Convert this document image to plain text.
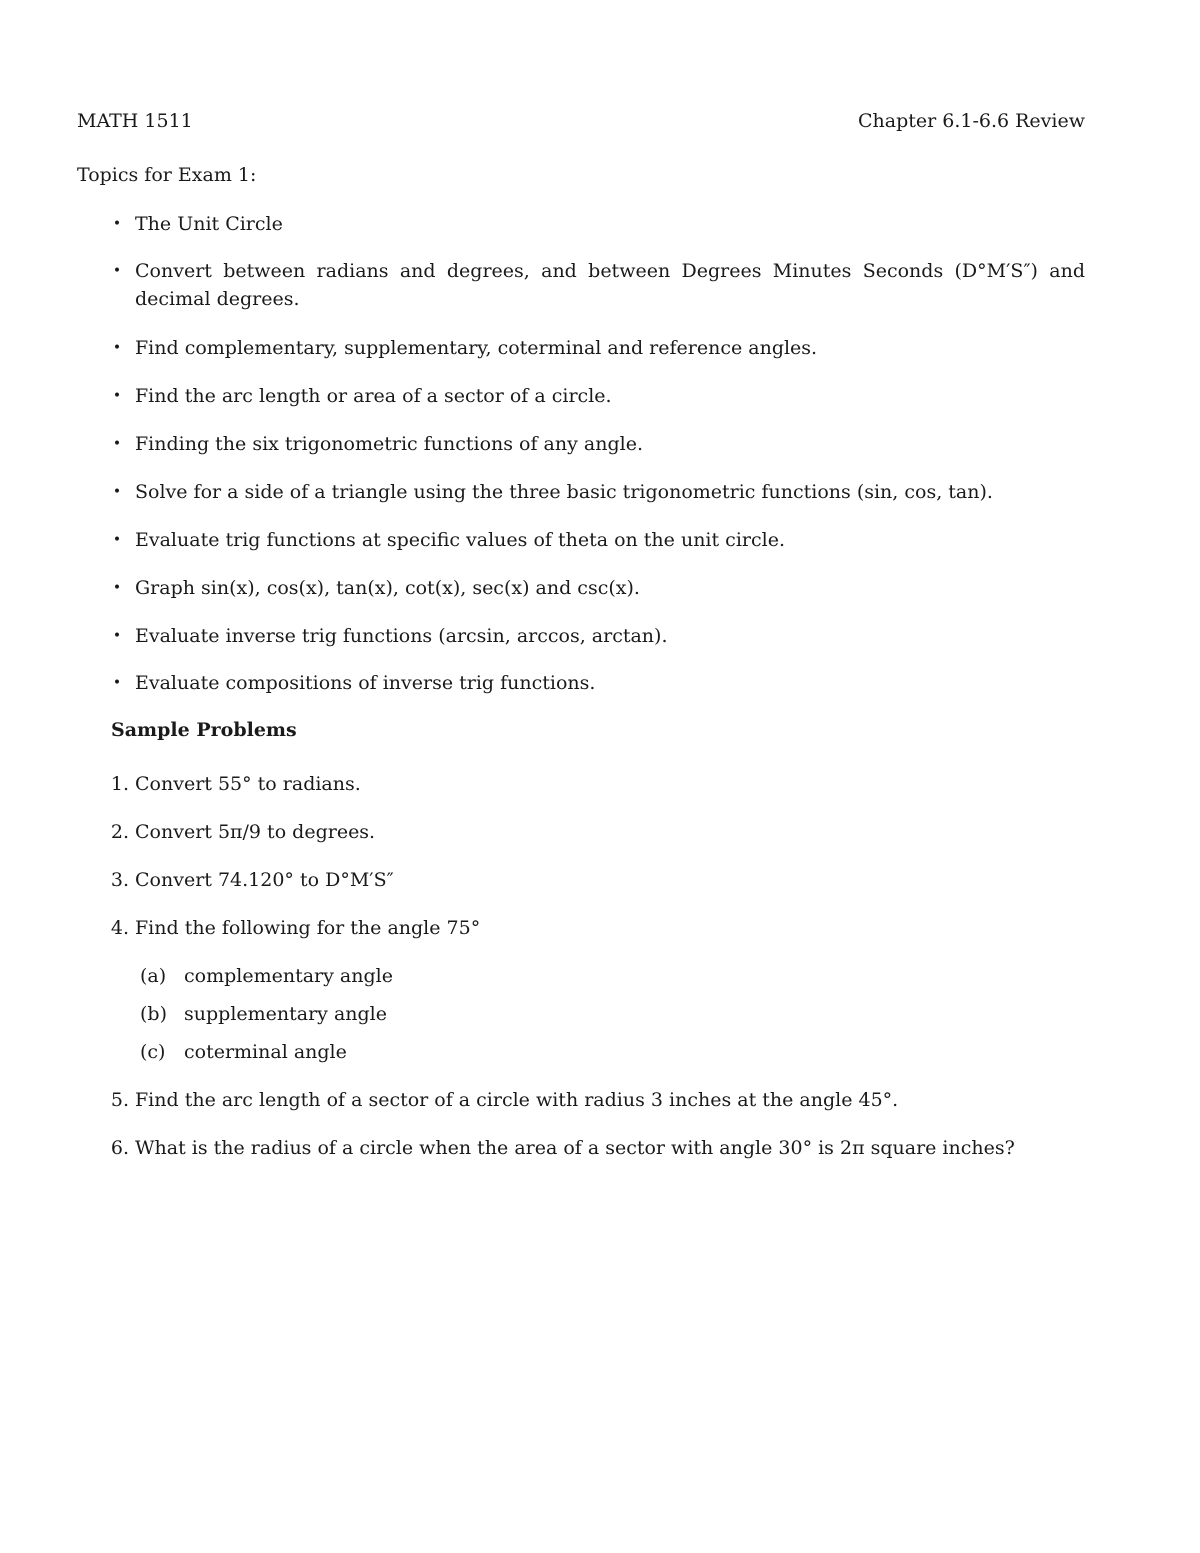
MATH 1511	Chapter 6.1-6.6 Review
Topics for Exam 1:
• The Unit Circle
• Convert between radians and degrees, and between Degrees Minutes Seconds (D°M′S″) and decimal degrees.
• Find complementary, supplementary, coterminal and reference angles.
• Find the arc length or area of a sector of a circle.
• Finding the six trigonometric functions of any angle.
• Solve for a side of a triangle using the three basic trigonometric functions (sin, cos, tan).
• Evaluate trig functions at specific values of theta on the unit circle.
• Graph sin(x), cos(x), tan(x), cot(x), sec(x) and csc(x).
• Evaluate inverse trig functions (arcsin, arccos, arctan).
• Evaluate compositions of inverse trig functions.
Sample Problems
1. Convert 55° to radians.
2. Convert 5π/9 to degrees.
3. Convert 74.120° to D°M′S″
4. Find the following for the angle 75°
(a) complementary angle
(b) supplementary angle
(c) coterminal angle
5. Find the arc length of a sector of a circle with radius 3 inches at the angle 45°.
6. What is the radius of a circle when the area of a sector with angle 30° is 2π square inches?
